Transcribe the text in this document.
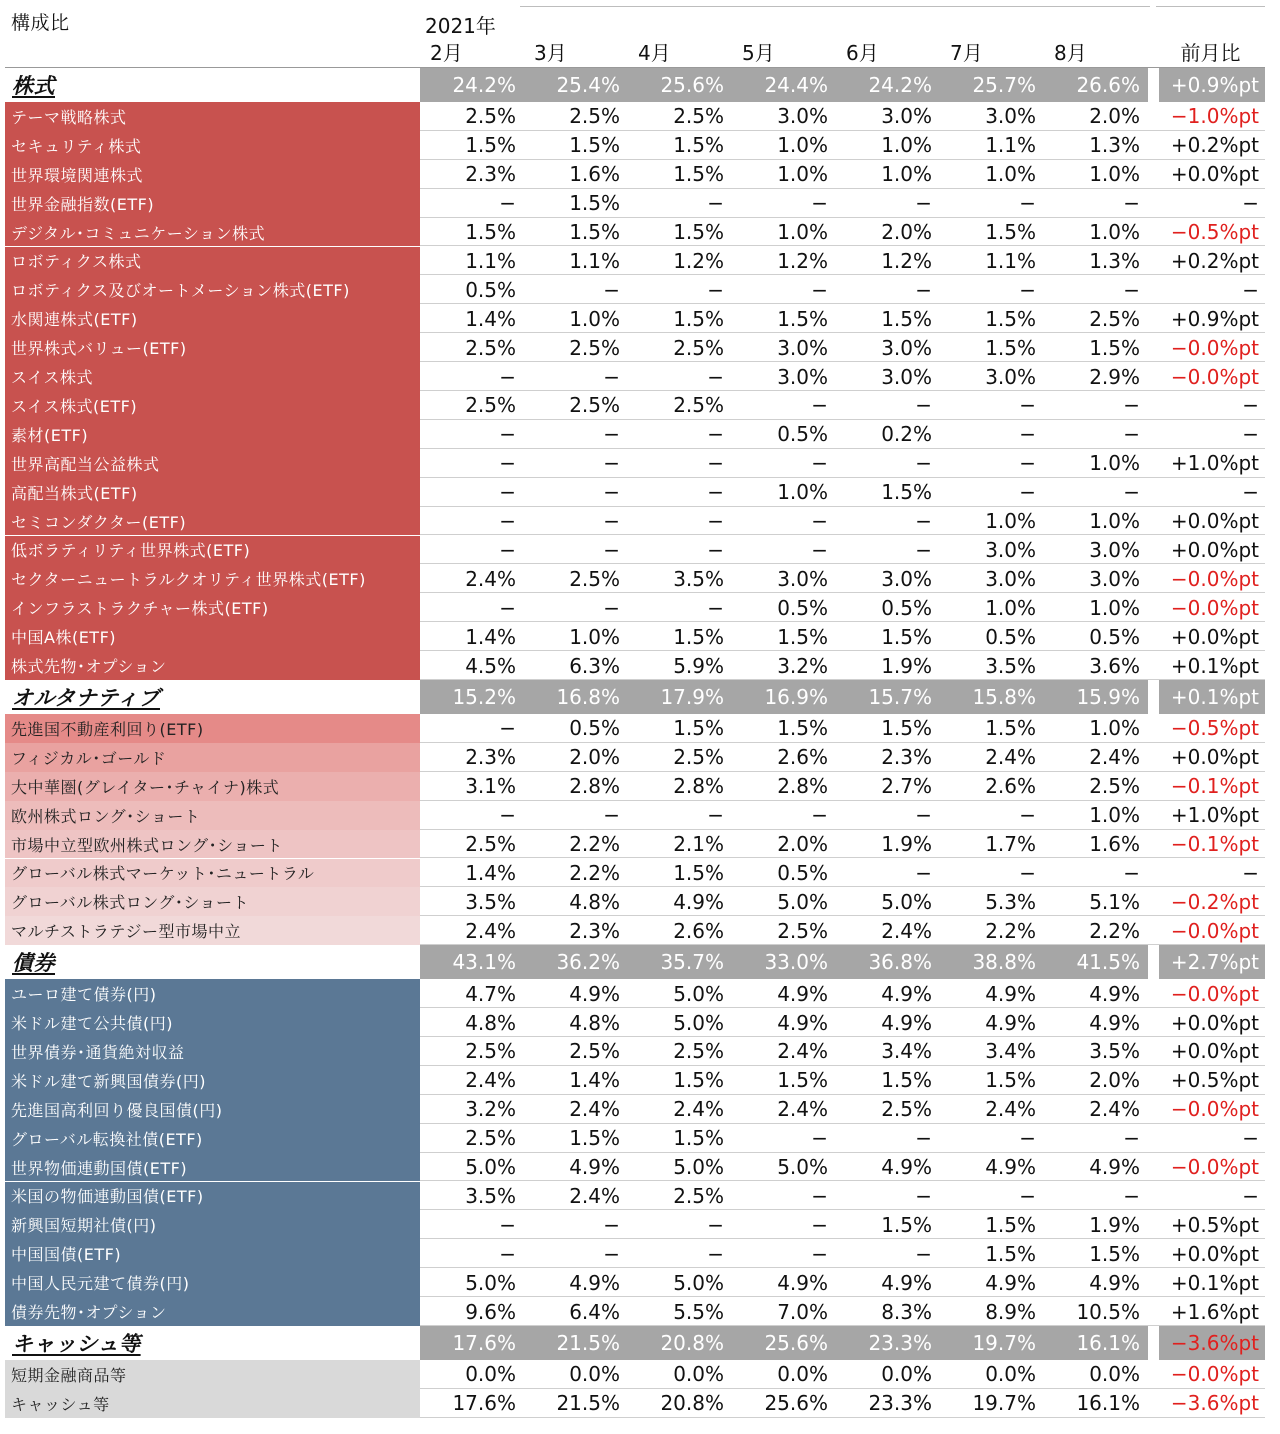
構成比	2021年
2月	3月	4月	5月	6月	7月	8月	前月比
株式	24.2%	25.4%	25.6%	24.4%	24.2%	25.7%	26.6%	+0.9%pt
テーマ戦略株式	2.5%	2.5%	2.5%	3.0%	3.0%	3.0%	2.0%	−1.0%pt
セキュリティ株式	1.5%	1.5%	1.5%	1.0%	1.0%	1.1%	1.3%	+0.2%pt
世界環境関連株式	2.3%	1.6%	1.5%	1.0%	1.0%	1.0%	1.0%	+0.0%pt
世界金融指数(ETF)	−	1.5%	−	−	−	−	−	−
デジタル･コミュニケーション株式	1.5%	1.5%	1.5%	1.0%	2.0%	1.5%	1.0%	−0.5%pt
ロボティクス株式	1.1%	1.1%	1.2%	1.2%	1.2%	1.1%	1.3%	+0.2%pt
ロボティクス及びオートメーション株式(ETF)	0.5%	−	−	−	−	−	−	−
水関連株式(ETF)	1.4%	1.0%	1.5%	1.5%	1.5%	1.5%	2.5%	+0.9%pt
世界株式バリュー(ETF)	2.5%	2.5%	2.5%	3.0%	3.0%	1.5%	1.5%	−0.0%pt
スイス株式	−	−	−	3.0%	3.0%	3.0%	2.9%	−0.0%pt
スイス株式(ETF)	2.5%	2.5%	2.5%	−	−	−	−	−
素材(ETF)	−	−	−	0.5%	0.2%	−	−	−
世界高配当公益株式	−	−	−	−	−	−	1.0%	+1.0%pt
高配当株式(ETF)	−	−	−	1.0%	1.5%	−	−	−
セミコンダクター(ETF)	−	−	−	−	−	1.0%	1.0%	+0.0%pt
低ボラティリティ世界株式(ETF)	−	−	−	−	−	3.0%	3.0%	+0.0%pt
セクターニュートラルクオリティ世界株式(ETF)	2.4%	2.5%	3.5%	3.0%	3.0%	3.0%	3.0%	−0.0%pt
インフラストラクチャー株式(ETF)	−	−	−	0.5%	0.5%	1.0%	1.0%	−0.0%pt
中国A株(ETF)	1.4%	1.0%	1.5%	1.5%	1.5%	0.5%	0.5%	+0.0%pt
株式先物･オプション	4.5%	6.3%	5.9%	3.2%	1.9%	3.5%	3.6%	+0.1%pt
オルタナティブ	15.2%	16.8%	17.9%	16.9%	15.7%	15.8%	15.9%	+0.1%pt
先進国不動産利回り(ETF)	−	0.5%	1.5%	1.5%	1.5%	1.5%	1.0%	−0.5%pt
フィジカル･ゴールド	2.3%	2.0%	2.5%	2.6%	2.3%	2.4%	2.4%	+0.0%pt
大中華圏(グレイター･チャイナ)株式	3.1%	2.8%	2.8%	2.8%	2.7%	2.6%	2.5%	−0.1%pt
欧州株式ロング･ショート	−	−	−	−	−	−	1.0%	+1.0%pt
市場中立型欧州株式ロング･ショート	2.5%	2.2%	2.1%	2.0%	1.9%	1.7%	1.6%	−0.1%pt
グローバル株式マーケット･ニュートラル	1.4%	2.2%	1.5%	0.5%	−	−	−	−
グローバル株式ロング･ショート	3.5%	4.8%	4.9%	5.0%	5.0%	5.3%	5.1%	−0.2%pt
マルチストラテジー型市場中立	2.4%	2.3%	2.6%	2.5%	2.4%	2.2%	2.2%	−0.0%pt
債券	43.1%	36.2%	35.7%	33.0%	36.8%	38.8%	41.5%	+2.7%pt
ユーロ建て債券(円)	4.7%	4.9%	5.0%	4.9%	4.9%	4.9%	4.9%	−0.0%pt
米ドル建て公共債(円)	4.8%	4.8%	5.0%	4.9%	4.9%	4.9%	4.9%	+0.0%pt
世界債券･通貨絶対収益	2.5%	2.5%	2.5%	2.4%	3.4%	3.4%	3.5%	+0.0%pt
米ドル建て新興国債券(円)	2.4%	1.4%	1.5%	1.5%	1.5%	1.5%	2.0%	+0.5%pt
先進国高利回り優良国債(円)	3.2%	2.4%	2.4%	2.4%	2.5%	2.4%	2.4%	−0.0%pt
グローバル転換社債(ETF)	2.5%	1.5%	1.5%	−	−	−	−	−
世界物価連動国債(ETF)	5.0%	4.9%	5.0%	5.0%	4.9%	4.9%	4.9%	−0.0%pt
米国の物価連動国債(ETF)	3.5%	2.4%	2.5%	−	−	−	−	−
新興国短期社債(円)	−	−	−	−	1.5%	1.5%	1.9%	+0.5%pt
中国国債(ETF)	−	−	−	−	−	1.5%	1.5%	+0.0%pt
中国人民元建て債券(円)	5.0%	4.9%	5.0%	4.9%	4.9%	4.9%	4.9%	+0.1%pt
債券先物･オプション	9.6%	6.4%	5.5%	7.0%	8.3%	8.9%	10.5%	+1.6%pt
キャッシュ等	17.6%	21.5%	20.8%	25.6%	23.3%	19.7%	16.1%	−3.6%pt
短期金融商品等	0.0%	0.0%	0.0%	0.0%	0.0%	0.0%	0.0%	−0.0%pt
キャッシュ等	17.6%	21.5%	20.8%	25.6%	23.3%	19.7%	16.1%	−3.6%pt
